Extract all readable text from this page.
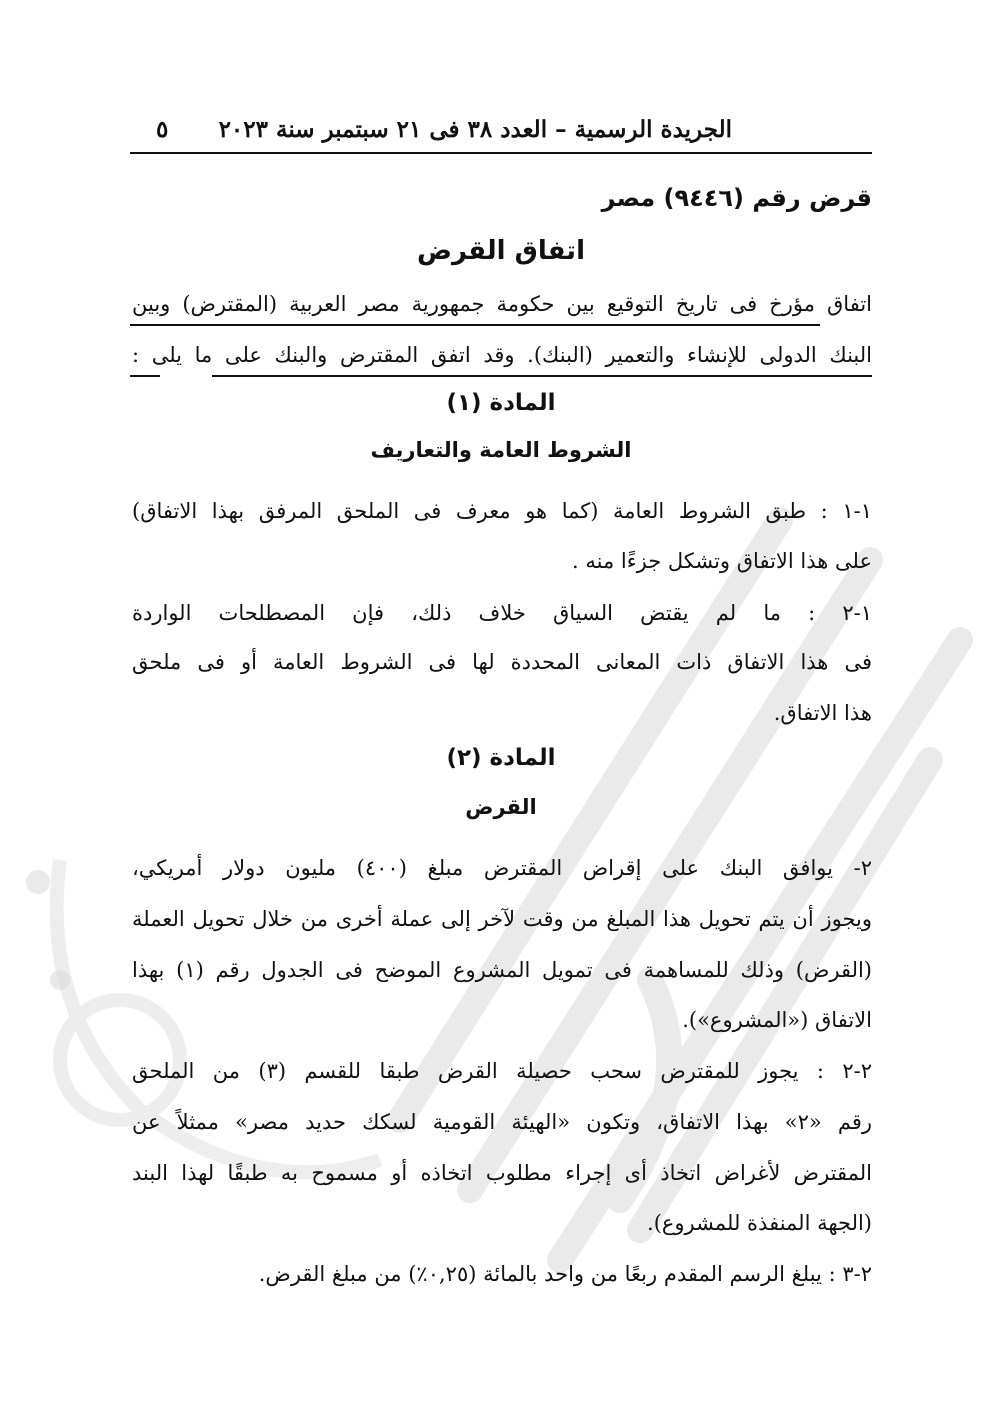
الجريدة الرسمية – العدد ٣٨ فى ٢١ سبتمبر سنة ٢٠٢٣
٥
قرض رقم (٩٤٤٦) مصر
اتفاق القرض
اتفاق مؤرخ فى تاريخ التوقيع بين حكومة جمهورية مصر العربية (المقترض) وبين
البنك الدولى للإنشاء والتعمير (البنك). وقد اتفق المقترض والبنك على ما يلى :
المادة (١)
الشروط العامة والتعاريف
١-١ : طبق الشروط العامة (كما هو معرف فى الملحق المرفق بهذا الاتفاق)
على هذا الاتفاق وتشكل جزءًا منه .
١-٢ : ما لم يقتض السياق خلاف ذلك، فإن المصطلحات الواردة
فى هذا الاتفاق ذات المعانى المحددة لها فى الشروط العامة أو فى ملحق
هذا الاتفاق.
المادة (٢)
القرض
٢- يوافق البنك على إقراض المقترض مبلغ (٤٠٠) مليون دولار أمريكي،
ويجوز أن يتم تحويل هذا المبلغ من وقت لآخر إلى عملة أخرى من خلال تحويل العملة
(القرض) وذلك للمساهمة فى تمويل المشروع الموضح فى الجدول رقم (١) بهذا
الاتفاق («المشروع»).
٢-٢ : يجوز للمقترض سحب حصيلة القرض طبقا للقسم (٣) من الملحق
رقم «٢» بهذا الاتفاق، وتكون «الهيئة القومية لسكك حديد مصر» ممثلاً عن
المقترض لأغراض اتخاذ أى إجراء مطلوب اتخاذه أو مسموح به طبقًا لهذا البند
(الجهة المنفذة للمشروع).
٢-٣ : يبلغ الرسم المقدم ربعًا من واحد بالمائة (٠,٢٥٪) من مبلغ القرض.
